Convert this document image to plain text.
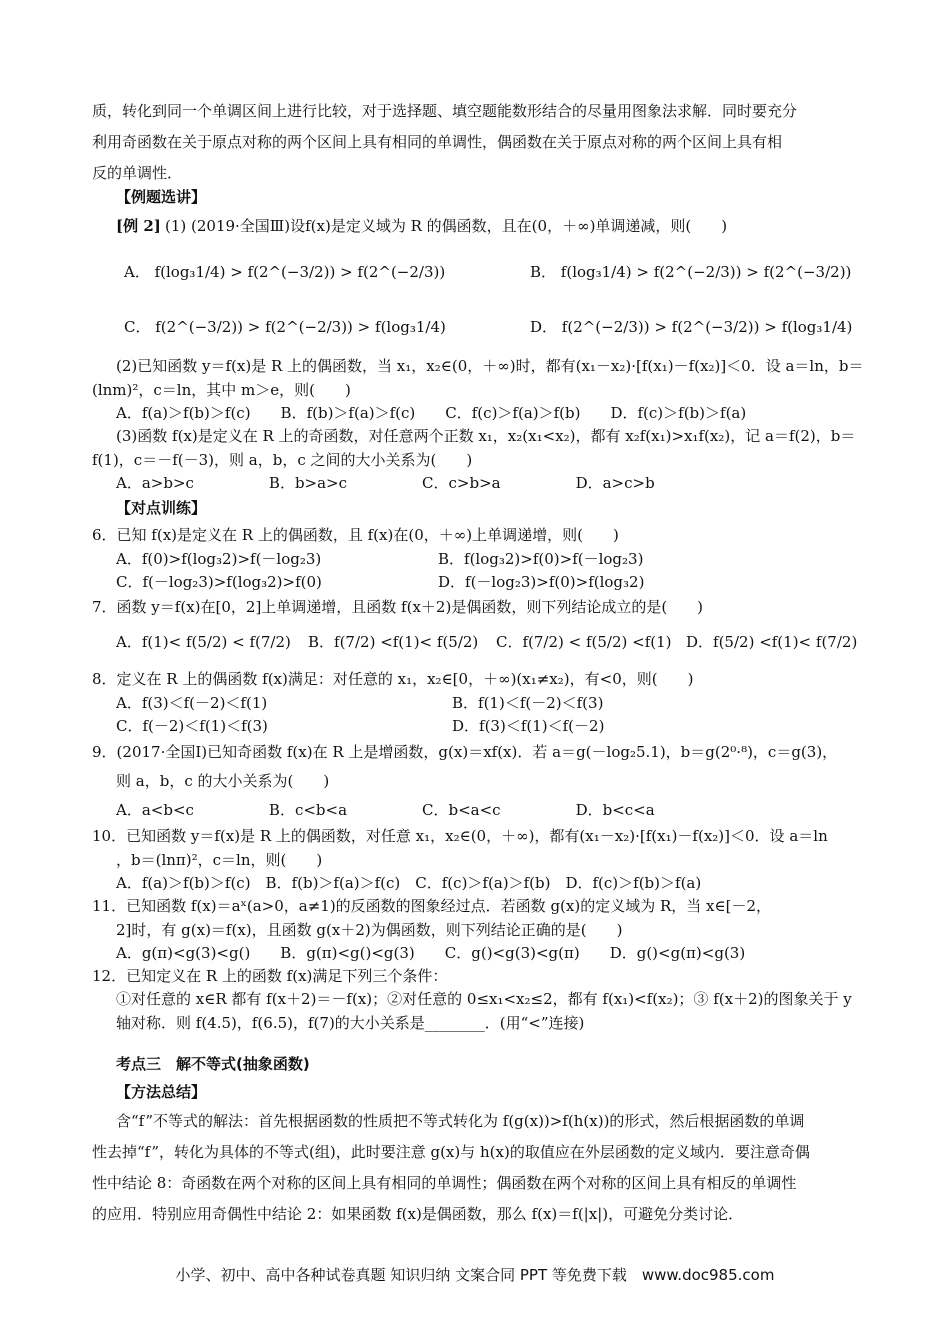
质，转化到同一个单调区间上进行比较，对于选择题、填空题能数形结合的尽量用图象法求解．同时要充分
利用奇函数在关于原点对称的两个区间上具有相同的单调性，偶函数在关于原点对称的两个区间上具有相
反的单调性．
【例题选讲】
[例 2] (1) (2019·全国Ⅲ)设f(x)是定义域为 R 的偶函数，且在(0，＋∞)单调递减，则(　　)
A． f(log₃1/4) > f(2^(−3/2)) > f(2^(−2/3))	B． f(log₃1/4) > f(2^(−2/3)) > f(2^(−3/2))
C． f(2^(−3/2)) > f(2^(−2/3)) > f(log₃1/4)	D． f(2^(−2/3)) > f(2^(−3/2)) > f(log₃1/4)
(2)已知函数 y＝f(x)是 R 上的偶函数，当 x₁，x₂∈(0，＋∞)时，都有(x₁－x₂)·[f(x₁)－f(x₂)]＜0．设 a＝ln，b＝
(lnm)²，c＝ln，其中 m＞e，则(　　)
A．f(a)＞f(b)＞f(c)　　B．f(b)＞f(a)＞f(c)　　C．f(c)＞f(a)＞f(b)　　D．f(c)＞f(b)＞f(a)
(3)函数 f(x)是定义在 R 上的奇函数，对任意两个正数 x₁，x₂(x₁<x₂)，都有 x₂f(x₁)>x₁f(x₂)，记 a＝f(2)，b＝
f(1)，c＝－f(－3)，则 a，b，c 之间的大小关系为(　　)
A．a>b>c　　　　　B．b>a>c　　　　　C．c>b>a　　　　　D．a>c>b
【对点训练】
6．已知 f(x)是定义在 R 上的偶函数，且 f(x)在(0，＋∞)上单调递增，则(　　)
A．f(0)>f(log₃2)>f(－log₂3)	B．f(log₃2)>f(0)>f(－log₂3)
C．f(－log₂3)>f(log₃2)>f(0)	D．f(－log₂3)>f(0)>f(log₃2)
7．函数 y＝f(x)在[0，2]上单调递增，且函数 f(x＋2)是偶函数，则下列结论成立的是(　　)
A．f(1)< f(5/2) < f(7/2) B．f(7/2) <f(1)< f(5/2) C．f(7/2) < f(5/2) <f(1) D．f(5/2) <f(1)< f(7/2)
8．定义在 R 上的偶函数 f(x)满足：对任意的 x₁，x₂∈[0，＋∞)(x₁≠x₂)，有<0，则(　　)
A．f(3)＜f(－2)＜f(1)	B．f(1)＜f(－2)＜f(3)
C．f(－2)＜f(1)＜f(3)	D．f(3)＜f(1)＜f(－2)
9．(2017·全国Ⅰ)已知奇函数 f(x)在 R 上是增函数，g(x)＝xf(x)．若 a＝g(－log₂5.1)，b＝g(2⁰·⁸)，c＝g(3)，
则 a，b，c 的大小关系为(　　)
A．a<b<c　　　　　B．c<b<a　　　　　C．b<a<c　　　　　D．b<c<a
10．已知函数 y＝f(x)是 R 上的偶函数，对任意 x₁，x₂∈(0，＋∞)，都有(x₁－x₂)·[f(x₁)－f(x₂)]＜0．设 a＝ln
，b＝(lnπ)²，c＝ln，则(　　)
A．f(a)＞f(b)＞f(c)　B．f(b)＞f(a)＞f(c)　C．f(c)＞f(a)＞f(b)　D．f(c)＞f(b)＞f(a)
11．已知函数 f(x)＝aˣ(a>0，a≠1)的反函数的图象经过点．若函数 g(x)的定义域为 R，当 x∈[－2，
2]时，有 g(x)＝f(x)，且函数 g(x＋2)为偶函数，则下列结论正确的是(　　)
A．g(π)<g(3)<g()　　B．g(π)<g()<g(3)　　C．g()<g(3)<g(π)　　D．g()<g(π)<g(3)
12．已知定义在 R 上的函数 f(x)满足下列三个条件：
①对任意的 x∈R 都有 f(x＋2)＝－f(x)；②对任意的 0≤x₁<x₂≤2，都有 f(x₁)<f(x₂)；③ f(x＋2)的图象关于 y
轴对称．则 f(4.5)，f(6.5)，f(7)的大小关系是________．(用“<”连接)
考点三　解不等式(抽象函数)
【方法总结】
含“f”不等式的解法：首先根据函数的性质把不等式转化为 f(g(x))>f(h(x))的形式，然后根据函数的单调
性去掉“f”，转化为具体的不等式(组)，此时要注意 g(x)与 h(x)的取值应在外层函数的定义域内．要注意奇偶
性中结论 8：奇函数在两个对称的区间上具有相同的单调性；偶函数在两个对称的区间上具有相反的单调性
的应用．特别应用奇偶性中结论 2：如果函数 f(x)是偶函数，那么 f(x)＝f(|x|)，可避免分类讨论．
小学、初中、高中各种试卷真题 知识归纳 文案合同 PPT 等免费下载　www.doc985.com
